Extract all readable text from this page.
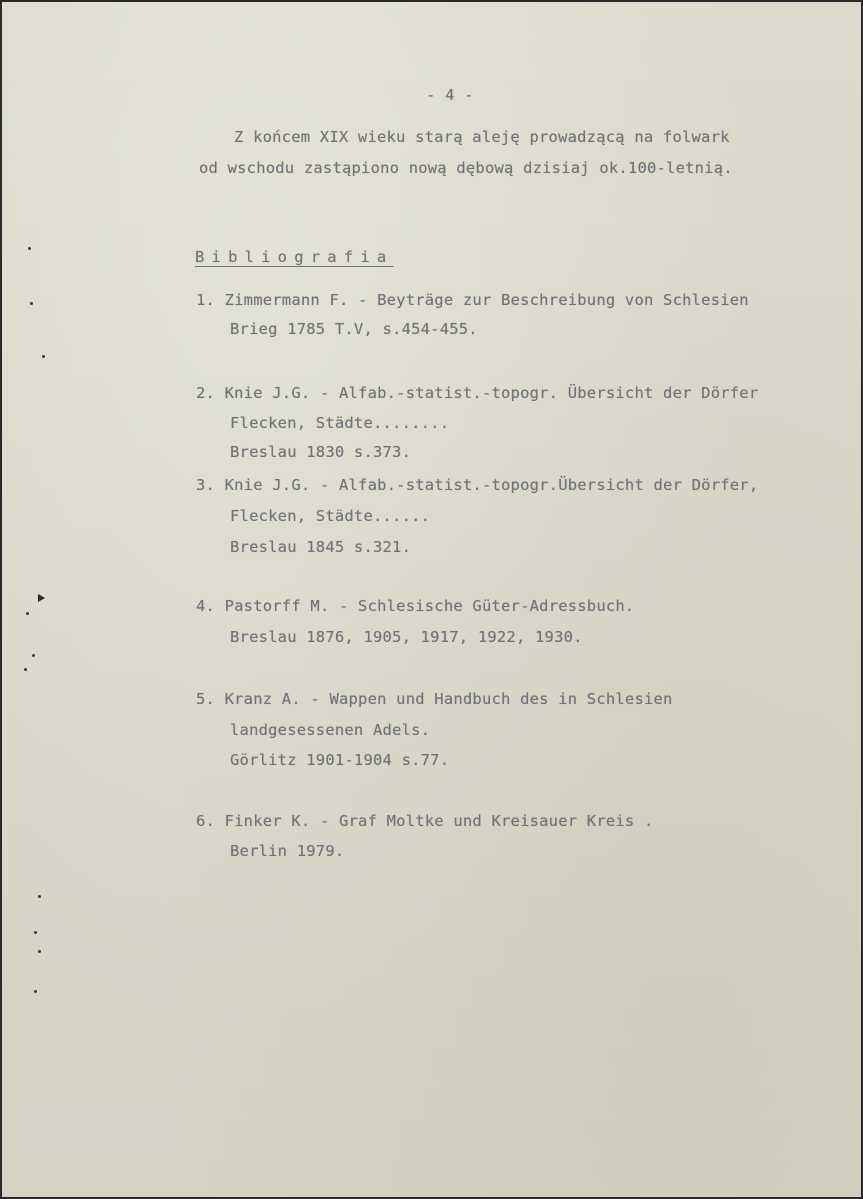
- 4 -
Z końcem XIX wieku starą aleję prowadzącą na folwark
od wschodu zastąpiono nową dębową dzisiaj ok.100-letnią.
Bibliografia
1. Zimmermann F. - Beyträge zur Beschreibung von Schlesien
Brieg 1785 T.V, s.454-455.
2. Knie J.G. - Alfab.-statist.-topogr. Übersicht der Dörfer
Flecken, Städte........
Breslau 1830 s.373.
3. Knie J.G. - Alfab.-statist.-topogr.Übersicht der Dörfer,
Flecken, Städte......
Breslau 1845 s.321.
4. Pastorff M. - Schlesische Güter-Adressbuch.
Breslau 1876, 1905, 1917, 1922, 1930.
5. Kranz A. - Wappen und Handbuch des in Schlesien
landgesessenen Adels.
Görlitz 1901-1904 s.77.
6. Finker K. - Graf Moltke und Kreisauer Kreis .
Berlin 1979.
